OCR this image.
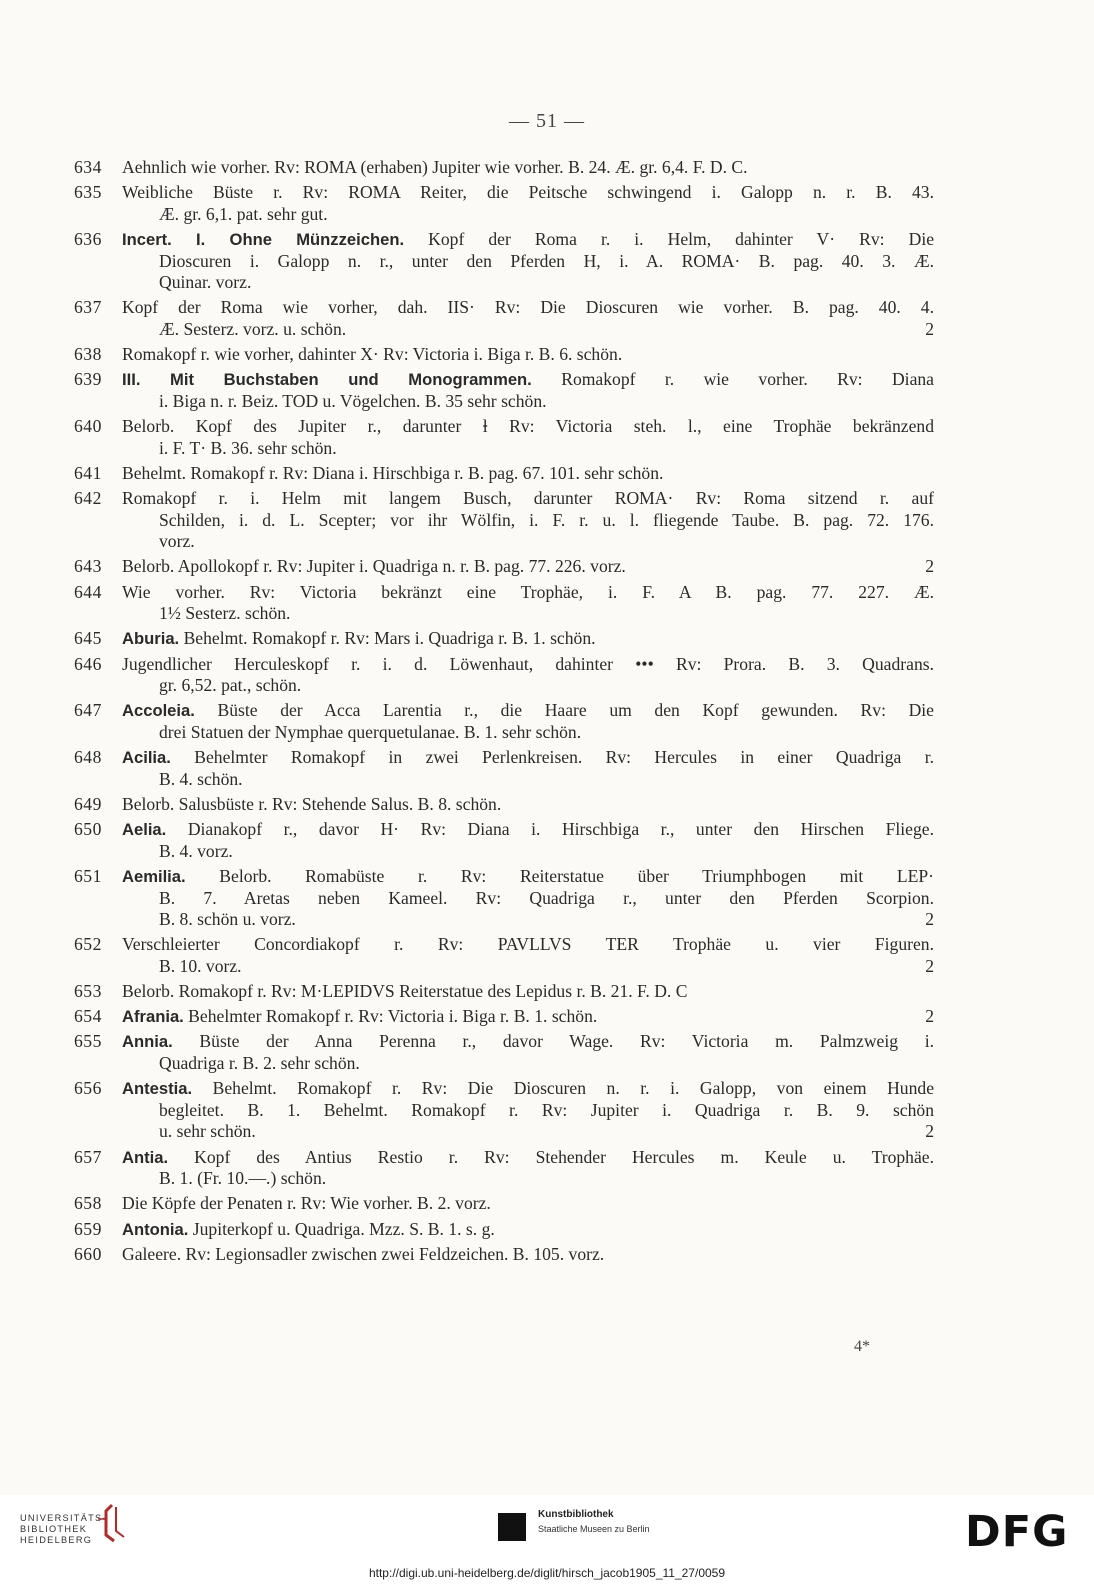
— 51 —
634	Aehnlich wie vorher. Rv: ROMA (erhaben) Jupiter wie vorher. B. 24. Æ. gr. 6,4. F. D. C.
635	Weibliche Büste r. Rv: ROMA Reiter, die Peitsche schwingend i. Galopp n. r. B. 43.
Æ. gr. 6,1. pat. sehr gut.
636	Incert. I. Ohne Münzzeichen. Kopf der Roma r. i. Helm, dahinter V· Rv: Die
Dioscuren i. Galopp n. r., unter den Pferden H, i. A. ROMA· B. pag. 40. 3. Æ.
Quinar. vorz.
637	Kopf der Roma wie vorher, dah. IIS· Rv: Die Dioscuren wie vorher. B. pag. 40. 4.
Æ. Sesterz. vorz. u. schön.	2
638	Romakopf r. wie vorher, dahinter X· Rv: Victoria i. Biga r. B. 6. schön.
639	III. Mit Buchstaben und Monogrammen. Romakopf r. wie vorher. Rv: Diana
i. Biga n. r. Beiz. TOD u. Vögelchen. B. 35 sehr schön.
640	Belorb. Kopf des Jupiter r., darunter ⱡ Rv: Victoria steh. l., eine Trophäe bekränzend
i. F. T· B. 36. sehr schön.
641	Behelmt. Romakopf r. Rv: Diana i. Hirschbiga r. B. pag. 67. 101. sehr schön.
642	Romakopf r. i. Helm mit langem Busch, darunter ROMA· Rv: Roma sitzend r. auf
Schilden, i. d. L. Scepter; vor ihr Wölfin, i. F. r. u. l. fliegende Taube. B. pag. 72. 176.
vorz.
643	Belorb. Apollokopf r. Rv: Jupiter i. Quadriga n. r. B. pag. 77. 226. vorz.	2
644	Wie vorher. Rv: Victoria bekränzt eine Trophäe, i. F. A B. pag. 77. 227. Æ.
1½ Sesterz. schön.
645	Aburia. Behelmt. Romakopf r. Rv: Mars i. Quadriga r. B. 1. schön.
646	Jugendlicher Herculeskopf r. i. d. Löwenhaut, dahinter ••• Rv: Prora. B. 3. Quadrans.
gr. 6,52. pat., schön.
647	Accoleia. Büste der Acca Larentia r., die Haare um den Kopf gewunden. Rv: Die
drei Statuen der Nymphae querquetulanae. B. 1. sehr schön.
648	Acilia. Behelmter Romakopf in zwei Perlenkreisen. Rv: Hercules in einer Quadriga r.
B. 4. schön.
649	Belorb. Salusbüste r. Rv: Stehende Salus. B. 8. schön.
650	Aelia. Dianakopf r., davor H· Rv: Diana i. Hirschbiga r., unter den Hirschen Fliege.
B. 4. vorz.
651	Aemilia. Belorb. Romabüste r. Rv: Reiterstatue über Triumphbogen mit LEP·
B. 7. Aretas neben Kameel. Rv: Quadriga r., unter den Pferden Scorpion.
B. 8. schön u. vorz.	2
652	Verschleierter Concordiakopf r. Rv: PAVLLVS TER Trophäe u. vier Figuren.
B. 10. vorz.	2
653	Belorb. Romakopf r. Rv: M·LEPIDVS Reiterstatue des Lepidus r. B. 21. F. D. C
654	Afrania. Behelmter Romakopf r. Rv: Victoria i. Biga r. B. 1. schön.	2
655	Annia. Büste der Anna Perenna r., davor Wage. Rv: Victoria m. Palmzweig i.
Quadriga r. B. 2. sehr schön.
656	Antestia. Behelmt. Romakopf r. Rv: Die Dioscuren n. r. i. Galopp, von einem Hunde
begleitet. B. 1. Behelmt. Romakopf r. Rv: Jupiter i. Quadriga r. B. 9. schön
u. sehr schön.	2
657	Antia. Kopf des Antius Restio r. Rv: Stehender Hercules m. Keule u. Trophäe.
B. 1. (Fr. 10.—.) schön.
658	Die Köpfe der Penaten r. Rv: Wie vorher. B. 2. vorz.
659	Antonia. Jupiterkopf u. Quadriga. Mzz. S. B. 1. s. g.
660	Galeere. Rv: Legionsadler zwischen zwei Feldzeichen. B. 105. vorz.
4*
UNIVERSITÄTS-
BIBLIOTHEK
HEIDELBERG
Kunstbibliothek
Staatliche Museen zu Berlin	DFG
http://digi.ub.uni-heidelberg.de/diglit/hirsch_jacob1905_11_27/0059
